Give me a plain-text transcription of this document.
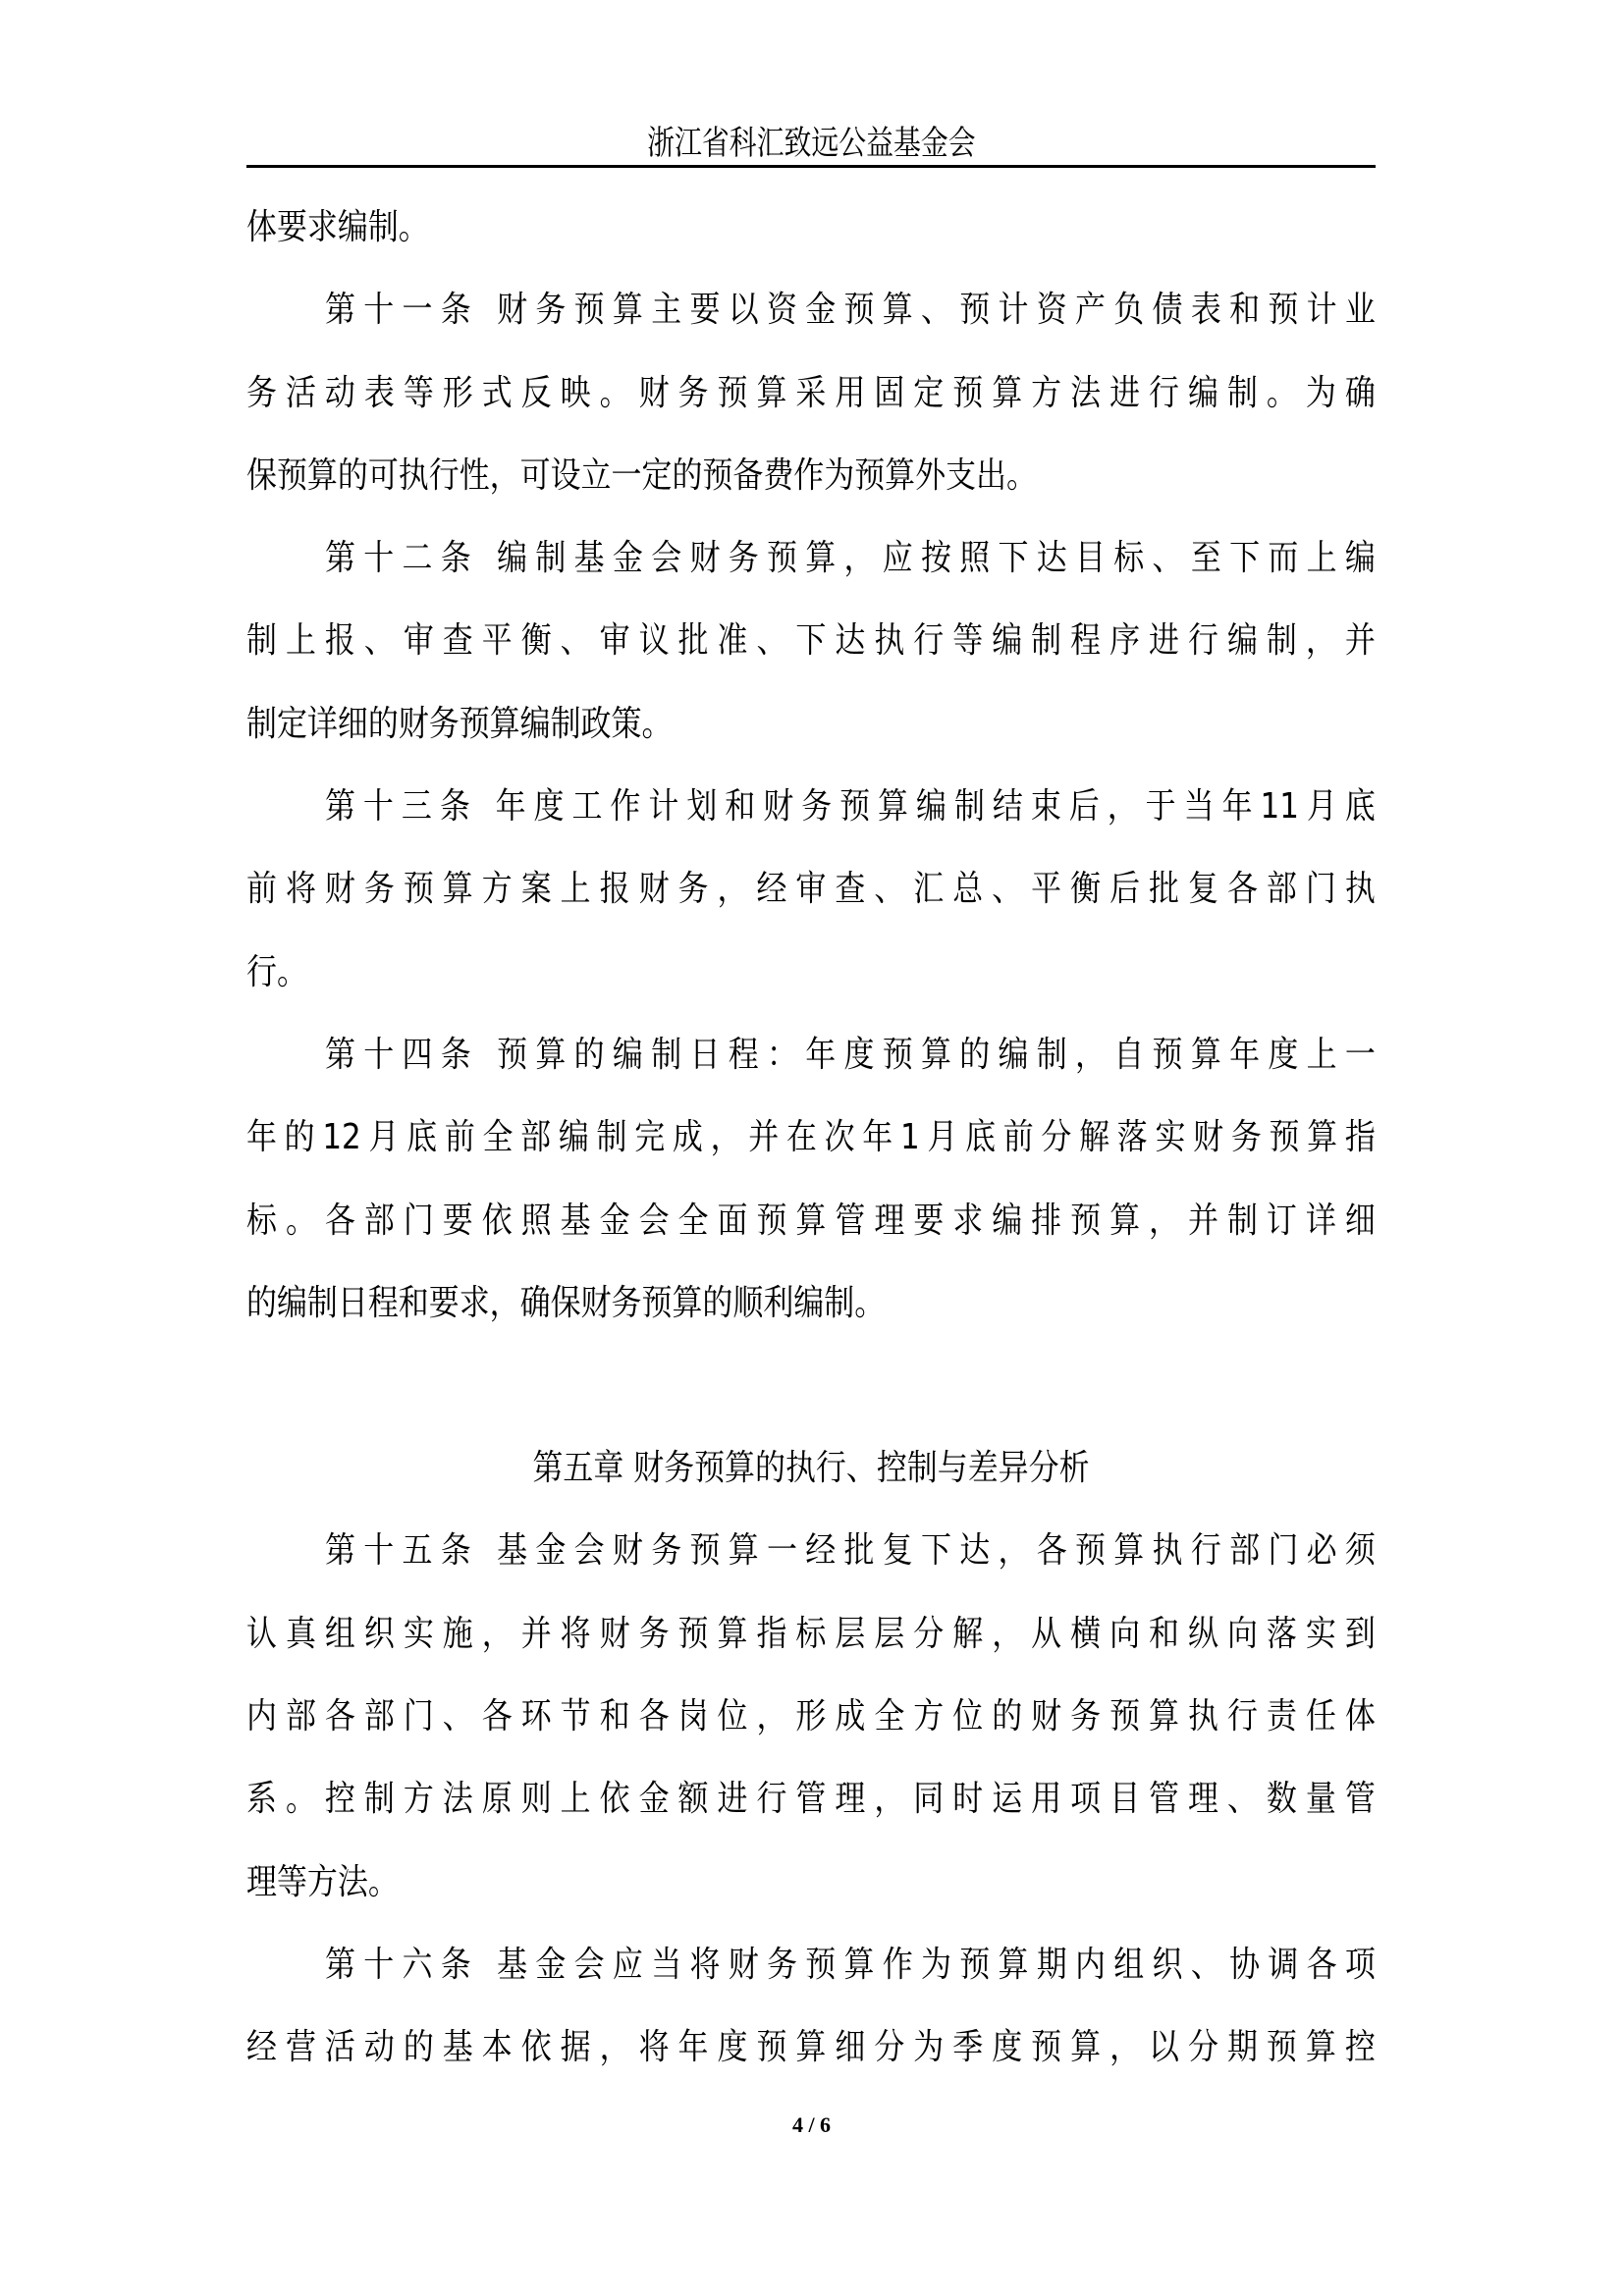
浙江省科汇致远公益基金会
体要求编制。
第十一条 财务预算主要以资金预算、预计资产负债表和预计业
务活动表等形式反映。财务预算采用固定预算方法进行编制。为确
保预算的可执行性，可设立一定的预备费作为预算外支出。
第十二条 编制基金会财务预算，应按照下达目标、至下而上编
制上报、审查平衡、审议批准、下达执行等编制程序进行编制，并
制定详细的财务预算编制政策。
第十三条 年度工作计划和财务预算编制结束后，于当年11月底
前将财务预算方案上报财务，经审查、汇总、平衡后批复各部门执
行。
第十四条 预算的编制日程：年度预算的编制，自预算年度上一
年的12月底前全部编制完成，并在次年1月底前分解落实财务预算指
标。各部门要依照基金会全面预算管理要求编排预算，并制订详细
的编制日程和要求，确保财务预算的顺利编制。
第五章 财务预算的执行、控制与差异分析
第十五条 基金会财务预算一经批复下达，各预算执行部门必须
认真组织实施，并将财务预算指标层层分解，从横向和纵向落实到
内部各部门、各环节和各岗位，形成全方位的财务预算执行责任体
系。控制方法原则上依金额进行管理，同时运用项目管理、数量管
理等方法。
第十六条 基金会应当将财务预算作为预算期内组织、协调各项
经营活动的基本依据，将年度预算细分为季度预算，以分期预算控
4 / 6
